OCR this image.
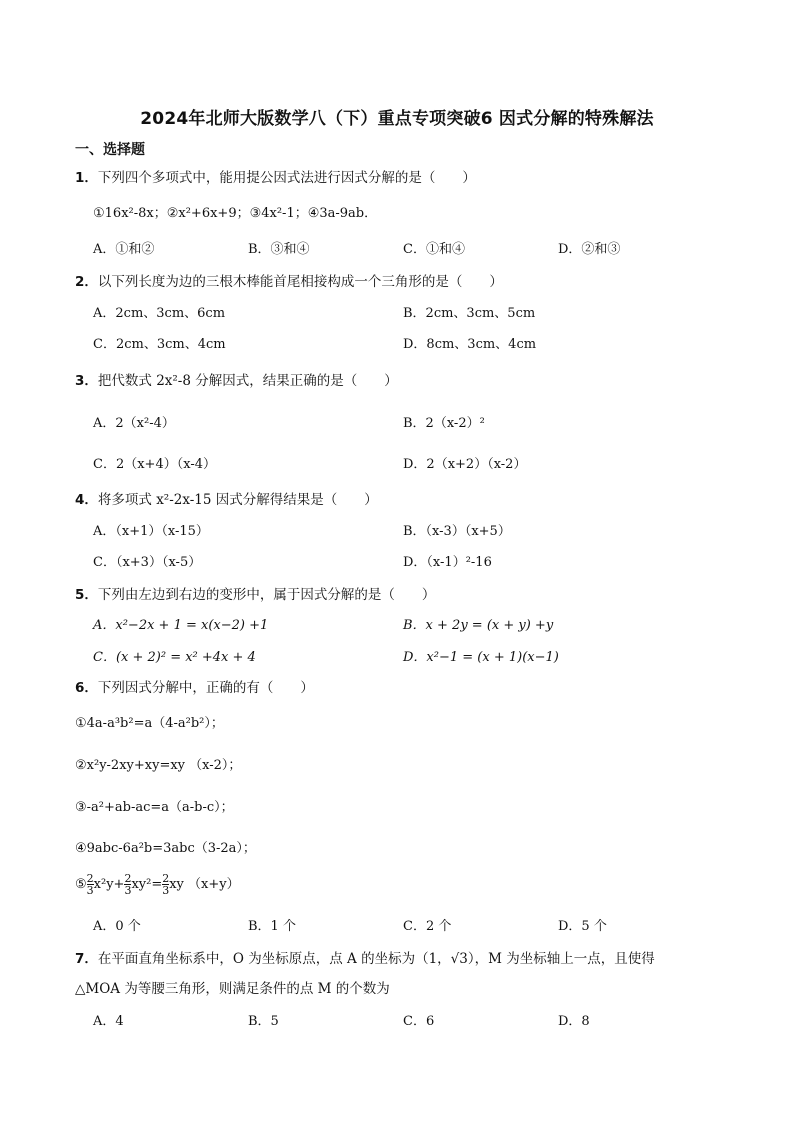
2024年北师大版数学八（下）重点专项突破6 因式分解的特殊解法
一、选择题
1．下列四个多项式中，能用提公因式法进行因式分解的是（　　）
①16x²-8x；②x²+6x+9；③4x²-1；④3a-9ab．
A．①和②	B．③和④	C．①和④	D．②和③
2．以下列长度为边的三根木棒能首尾相接构成一个三角形的是（　　）
A．2cm、3cm、6cm	B．2cm、3cm、5cm
C．2cm、3cm、4cm	D．8cm、3cm、4cm
3．把代数式 2x²-8 分解因式，结果正确的是（　　）
A．2（x²-4）	B．2（x-2）²
C．2（x+4）（x-4）	D．2（x+2）（x-2）
4．将多项式 x²-2x-15 因式分解得结果是（　　）
A．（x+1）（x-15）	B．（x-3）（x+5）
C．（x+3）（x-5）	D．（x-1）²-16
5．下列由左边到右边的变形中，属于因式分解的是（　　）
A．x²−2x + 1 = x(x−2) +1	B．x + 2y = (x + y) +y
C．(x + 2)² = x² +4x + 4	D．x²−1 = (x + 1)(x−1)
6．下列因式分解中，正确的有（　　）
①4a-a³b²=a（4-a²b²）；
②x²y-2xy+xy=xy （x-2）；
③-a²+ab-ac=a（a-b-c）；
④9abc-6a²b=3abc（3-2a）；
⑤ $\frac{2}{3} x^2y+ \frac{2}{3} xy^2= \frac{2}{3}$ xy （x+y）
A．0 个	B．1 个	C．2 个	D．5 个
7．在平面直角坐标系中，O 为坐标原点，点 A 的坐标为（1，√3），M 为坐标轴上一点，且使得
△MOA 为等腰三角形，则满足条件的点 M 的个数为
A．4	B．5	C．6	D．8
